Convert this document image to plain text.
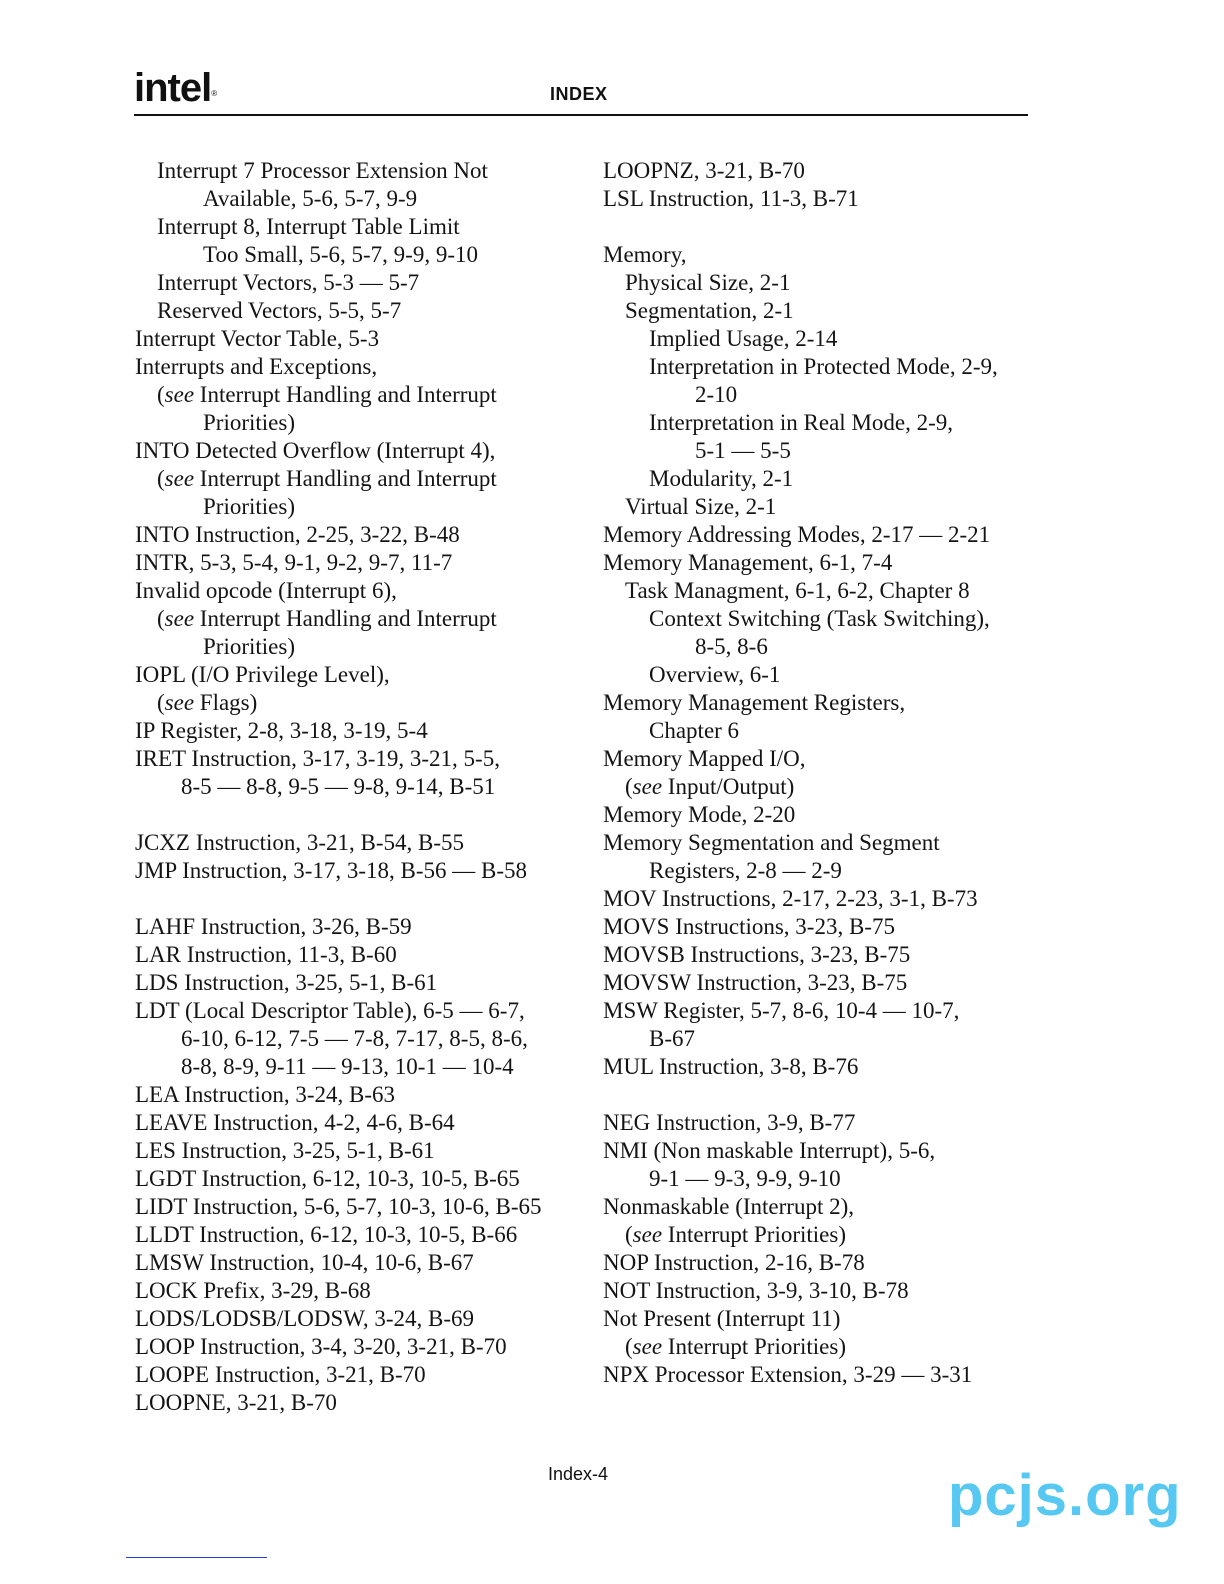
intel®	INDEX
Interrupt 7 Processor Extension Not
Available, 5-6, 5-7, 9-9
Interrupt 8, Interrupt Table Limit
Too Small, 5-6, 5-7, 9-9, 9-10
Interrupt Vectors, 5-3 — 5-7
Reserved Vectors, 5-5, 5-7
Interrupt Vector Table, 5-3
Interrupts and Exceptions,
(see Interrupt Handling and Interrupt
Priorities)
INTO Detected Overflow (Interrupt 4),
(see Interrupt Handling and Interrupt
Priorities)
INTO Instruction, 2-25, 3-22, B-48
INTR, 5-3, 5-4, 9-1, 9-2, 9-7, 11-7
Invalid opcode (Interrupt 6),
(see Interrupt Handling and Interrupt
Priorities)
IOPL (I/O Privilege Level),
(see Flags)
IP Register, 2-8, 3-18, 3-19, 5-4
IRET Instruction, 3-17, 3-19, 3-21, 5-5,
8-5 — 8-8, 9-5 — 9-8, 9-14, B-51
JCXZ Instruction, 3-21, B-54, B-55
JMP Instruction, 3-17, 3-18, B-56 — B-58
LAHF Instruction, 3-26, B-59
LAR Instruction, 11-3, B-60
LDS Instruction, 3-25, 5-1, B-61
LDT (Local Descriptor Table), 6-5 — 6-7,
6-10, 6-12, 7-5 — 7-8, 7-17, 8-5, 8-6,
8-8, 8-9, 9-11 — 9-13, 10-1 — 10-4
LEA Instruction, 3-24, B-63
LEAVE Instruction, 4-2, 4-6, B-64
LES Instruction, 3-25, 5-1, B-61
LGDT Instruction, 6-12, 10-3, 10-5, B-65
LIDT Instruction, 5-6, 5-7, 10-3, 10-6, B-65
LLDT Instruction, 6-12, 10-3, 10-5, B-66
LMSW Instruction, 10-4, 10-6, B-67
LOCK Prefix, 3-29, B-68
LODS/LODSB/LODSW, 3-24, B-69
LOOP Instruction, 3-4, 3-20, 3-21, B-70
LOOPE Instruction, 3-21, B-70
LOOPNE, 3-21, B-70
LOOPNZ, 3-21, B-70
LSL Instruction, 11-3, B-71
Memory,
Physical Size, 2-1
Segmentation, 2-1
Implied Usage, 2-14
Interpretation in Protected Mode, 2-9,
2-10
Interpretation in Real Mode, 2-9,
5-1 — 5-5
Modularity, 2-1
Virtual Size, 2-1
Memory Addressing Modes, 2-17 — 2-21
Memory Management, 6-1, 7-4
Task Managment, 6-1, 6-2, Chapter 8
Context Switching (Task Switching),
8-5, 8-6
Overview, 6-1
Memory Management Registers,
Chapter 6
Memory Mapped I/O,
(see Input/Output)
Memory Mode, 2-20
Memory Segmentation and Segment
Registers, 2-8 — 2-9
MOV Instructions, 2-17, 2-23, 3-1, B-73
MOVS Instructions, 3-23, B-75
MOVSB Instructions, 3-23, B-75
MOVSW Instruction, 3-23, B-75
MSW Register, 5-7, 8-6, 10-4 — 10-7,
B-67
MUL Instruction, 3-8, B-76
NEG Instruction, 3-9, B-77
NMI (Non maskable Interrupt), 5-6,
9-1 — 9-3, 9-9, 9-10
Nonmaskable (Interrupt 2),
(see Interrupt Priorities)
NOP Instruction, 2-16, B-78
NOT Instruction, 3-9, 3-10, B-78
Not Present (Interrupt 11)
(see Interrupt Priorities)
NPX Processor Extension, 3-29 — 3-31
Index-4	pcjs.org
